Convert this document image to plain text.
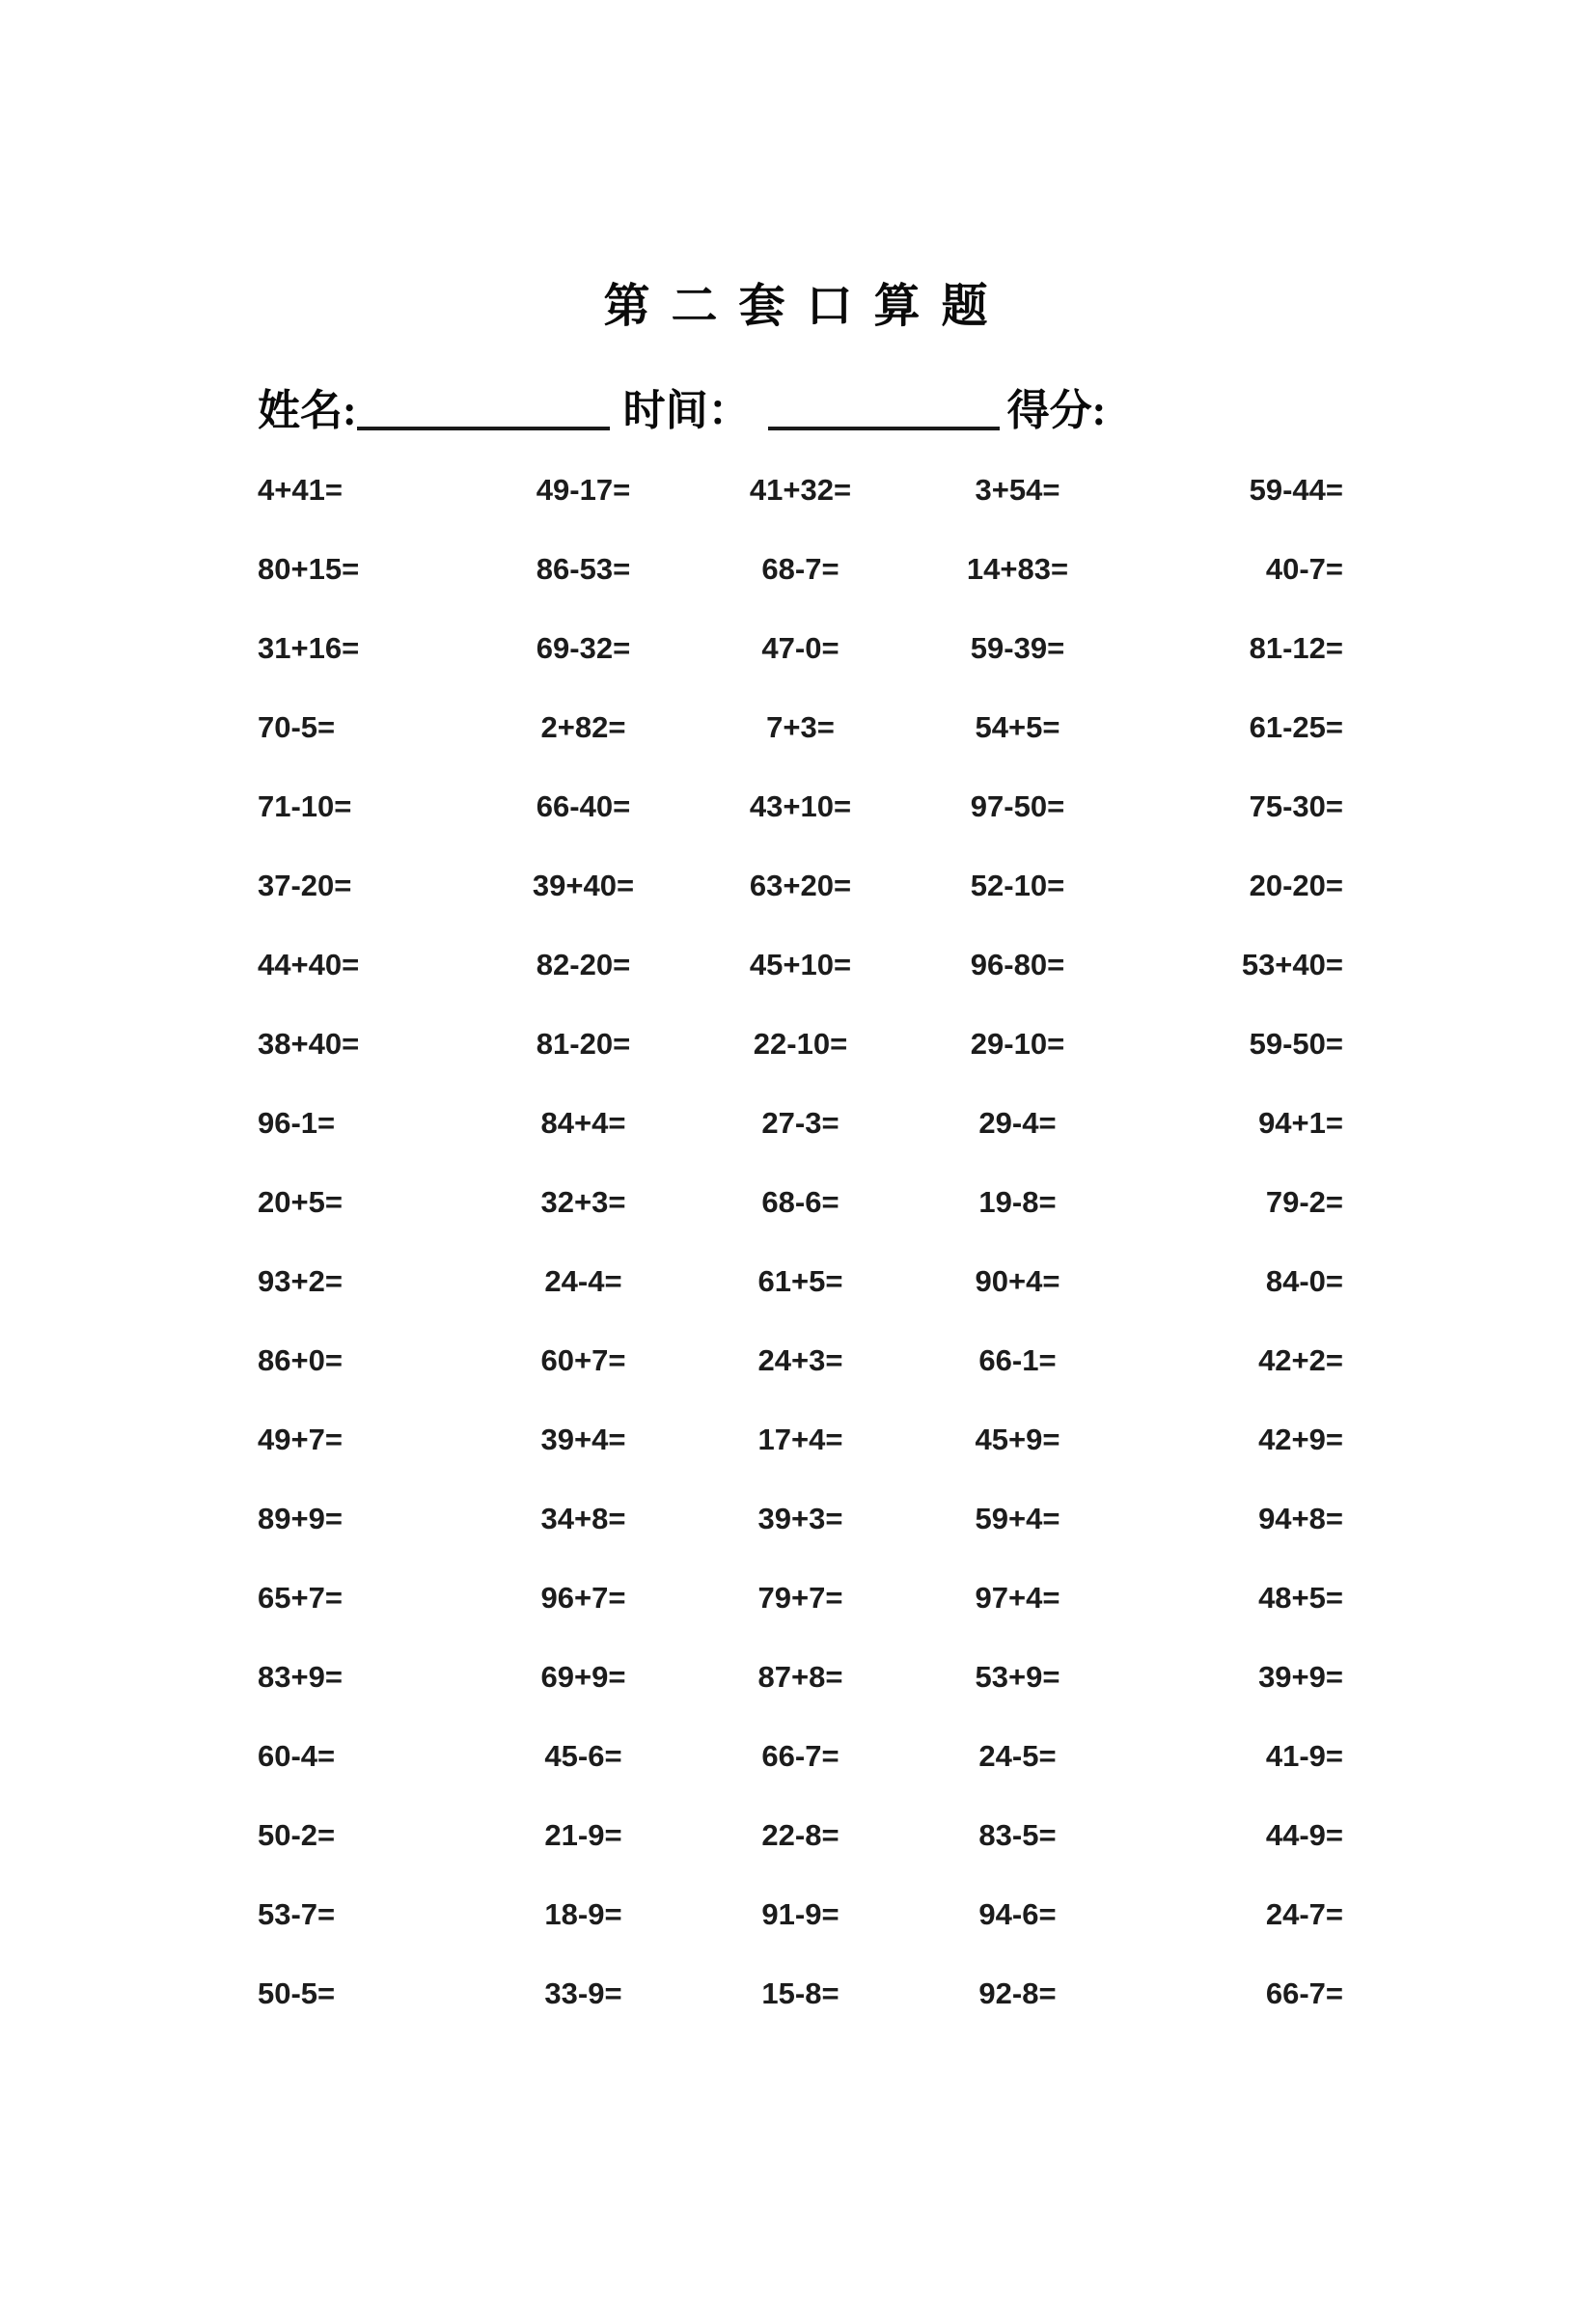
第 二 套 口 算 题
姓名:	时间：	得分:
4+41=	49-17=	41+32=	3+54=	59-44=
80+15=	86-53=	68-7=	14+83=	40-7=
31+16=	69-32=	47-0=	59-39=	81-12=
70-5=	2+82=	7+3=	54+5=	61-25=
71-10=	66-40=	43+10=	97-50=	75-30=
37-20=	39+40=	63+20=	52-10=	20-20=
44+40=	82-20=	45+10=	96-80=	53+40=
38+40=	81-20=	22-10=	29-10=	59-50=
96-1=	84+4=	27-3=	29-4=	94+1=
20+5=	32+3=	68-6=	19-8=	79-2=
93+2=	24-4=	61+5=	90+4=	84-0=
86+0=	60+7=	24+3=	66-1=	42+2=
49+7=	39+4=	17+4=	45+9=	42+9=
89+9=	34+8=	39+3=	59+4=	94+8=
65+7=	96+7=	79+7=	97+4=	48+5=
83+9=	69+9=	87+8=	53+9=	39+9=
60-4=	45-6=	66-7=	24-5=	41-9=
50-2=	21-9=	22-8=	83-5=	44-9=
53-7=	18-9=	91-9=	94-6=	24-7=
50-5=	33-9=	15-8=	92-8=	66-7=
